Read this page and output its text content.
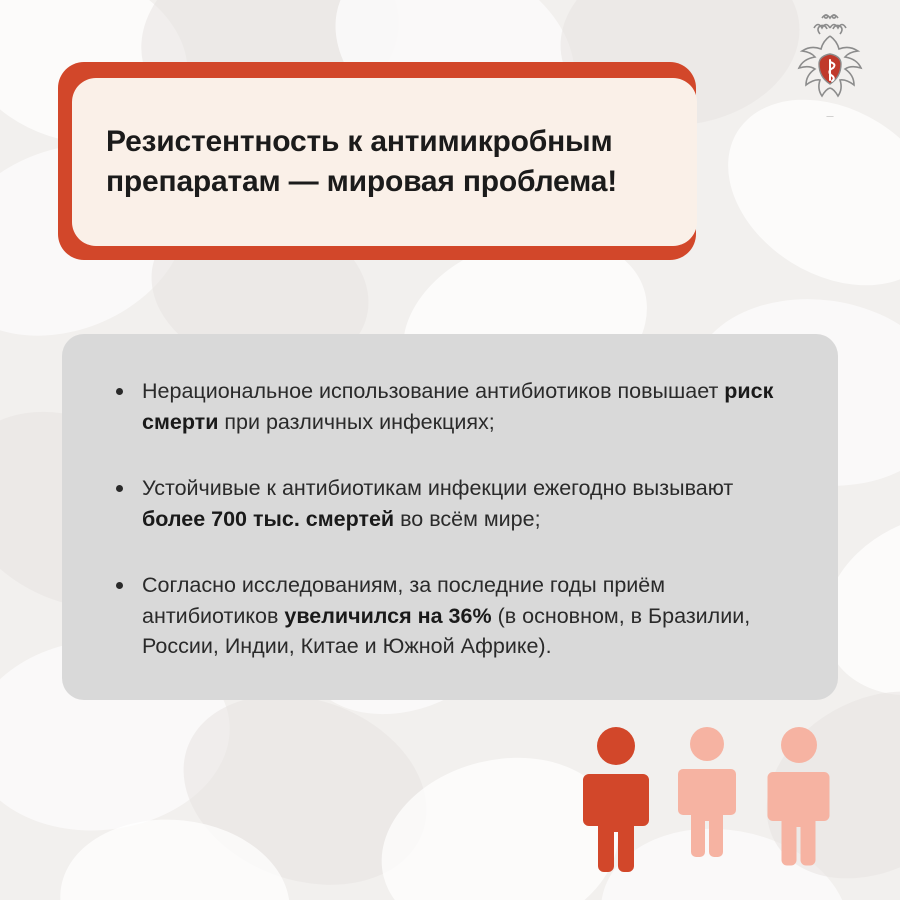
—
Резистентность к антимикробным препаратам — мировая проблема!
Нерациональное использование антибиотиков повышает риск смерти при различных инфекциях;
Устойчивые к антибиотикам инфекции ежегодно вызывают более 700 тыс. смертей во всём мире;
Согласно исследованиям, за последние годы приём антибиотиков увеличился на 36% (в основном, в Бразилии, России, Индии, Китае и Южной Африке).
